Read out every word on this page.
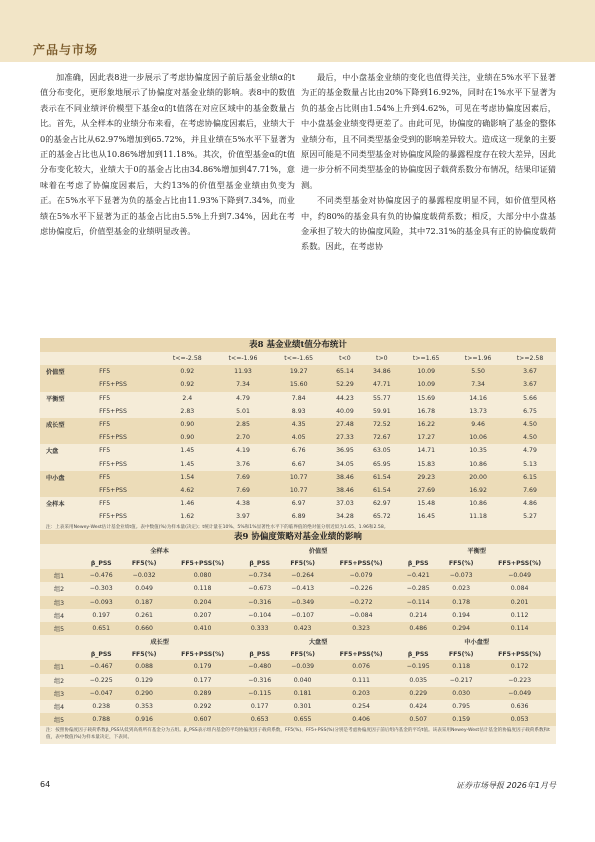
产品与市场

加准确，因此表8进一步展示了考虑协偏度因子前后基金业绩α的t值分布变化，更形象地展示了协偏度对基金业绩的影响。表8中的数值表示在不同业绩评价模型下基金α的t值落在对应区域中的基金数量占比。首先，从全样本的业绩分布来看，在考虑协偏度因素后，业绩大于0的基金占比从62.97%增加到65.72%，并且业绩在5%水平下显著为正的基金占比也从10.86%增加到11.18%。其次，价值型基金α的t值分布变化较大，业绩大于0的基金占比由34.86%增加到47.71%，意味着在考虑了协偏度因素后，大约13%的价值型基金业绩由负变为正。在5%水平下显著为负的基金占比由11.93%下降到7.34%，而业绩在5%水平下显著为正的基金占比由5.5%上升到7.34%，因此在考虑协偏度后，价值型基金的业绩明显改善。

最后，中小盘基金业绩的变化也值得关注，业绩在5%水平下显著为正的基金数量占比由20%下降到16.92%，同时在1%水平下显著为负的基金占比则由1.54%上升到4.62%，可见在考虑协偏度因素后，中小盘基金业绩变得更差了。由此可见，协偏度的确影响了基金的整体业绩分布，且不同类型基金受到的影响差异较大。造成这一现象的主要原因可能是不同类型基金对协偏度风险的暴露程度存在较大差异，因此进一步分析不同类型基金的协偏度因子载荷系数分布情况，结果印证猜测。

不同类型基金对协偏度因子的暴露程度明显不同，如价值型风格中，约80%的基金具有负的协偏度载荷系数；相反，大部分中小盘基金承担了较大的协偏度风险，其中72.31%的基金具有正的协偏度载荷系数。因此，在考虑协

表8 基金业绩t值分布统计
		t<=-2.58	t<=-1.96	t<=-1.65	t<0	t>0	t>=1.65	t>=1.96	t>=2.58
价值型	FF5	0.92	11.93	19.27	65.14	34.86	10.09	5.50	3.67
	FF5+PSS	0.92	7.34	15.60	52.29	47.71	10.09	7.34	3.67
平衡型	FF5	2.4	4.79	7.84	44.23	55.77	15.69	14.16	5.66
	FF5+PSS	2.83	5.01	8.93	40.09	59.91	16.78	13.73	6.75
成长型	FF5	0.90	2.85	4.35	27.48	72.52	16.22	9.46	4.50
	FF5+PSS	0.90	2.70	4.05	27.33	72.67	17.27	10.06	4.50
大盘	FF5	1.45	4.19	6.76	36.95	63.05	14.71	10.35	4.79
	FF5+PSS	1.45	3.76	6.67	34.05	65.95	15.83	10.86	5.13
中小盘	FF5	1.54	7.69	10.77	38.46	61.54	29.23	20.00	6.15
	FF5+PSS	4.62	7.69	10.77	38.46	61.54	27.69	16.92	7.69
全样本	FF5	1.46	4.38	6.97	37.03	62.97	15.48	10.86	4.86
	FF5+PSS	1.62	3.97	6.89	34.28	65.72	16.45	11.18	5.27
注：上表采用Newey-West估计基金业绩t值。表中数值(%)为样本量(决定)；t统计量在10%、5%和1%显著性水平下的临界值的绝对值分别近似为1.65、1.96和2.58。
表9 协偏度策略对基金业绩的影响
	全样本			价值型			平衡型		
	β_PSS	FF5(%)	FF5+PSS(%)	β_PSS	FF5(%)	FF5+PSS(%)	β_PSS	FF5(%)	FF5+PSS(%)
组1	−0.476	−0.032	0.080	−0.734	−0.264	−0.079	−0.421	−0.073	−0.049
组2	−0.303	0.049	0.118	−0.673	−0.413	−0.226	−0.285	0.023	0.084
组3	−0.093	0.187	0.204	−0.316	−0.349	−0.272	−0.114	0.178	0.201
组4	0.197	0.261	0.207	−0.104	−0.107	−0.084	0.214	0.194	0.112
组5	0.651	0.660	0.410	0.333	0.423	0.323	0.486	0.294	0.114
	成长型			大盘型			中小盘型		
	β_PSS	FF5(%)	FF5+PSS(%)	β_PSS	FF5(%)	FF5+PSS(%)	β_PSS	FF5(%)	FF5+PSS(%)
组1	−0.467	0.088	0.179	−0.480	−0.039	0.076	−0.195	0.118	0.172
组2	−0.225	0.129	0.177	−0.316	0.040	0.111	0.035	−0.217	−0.223
组3	−0.047	0.290	0.289	−0.115	0.181	0.203	0.229	0.030	−0.049
组4	0.238	0.353	0.292	0.177	0.301	0.254	0.424	0.795	0.636
组5	0.788	0.916	0.607	0.653	0.655	0.406	0.507	0.159	0.053
注：按照协偏度因子载荷系数β_PSS从低到高将所有基金分为五组。β_PSS表示组内基金的平均协偏度因子载荷系数，FF5(%)、FF5+PSS(%)分别是考虑协偏度因子前后组内基金的平均t值。该表采用Newey-West估计基金的协偏度因子载荷系数和t值，表中数值(%)为样本量决定，下表同。
64	证券市场导报 2026年1月号
